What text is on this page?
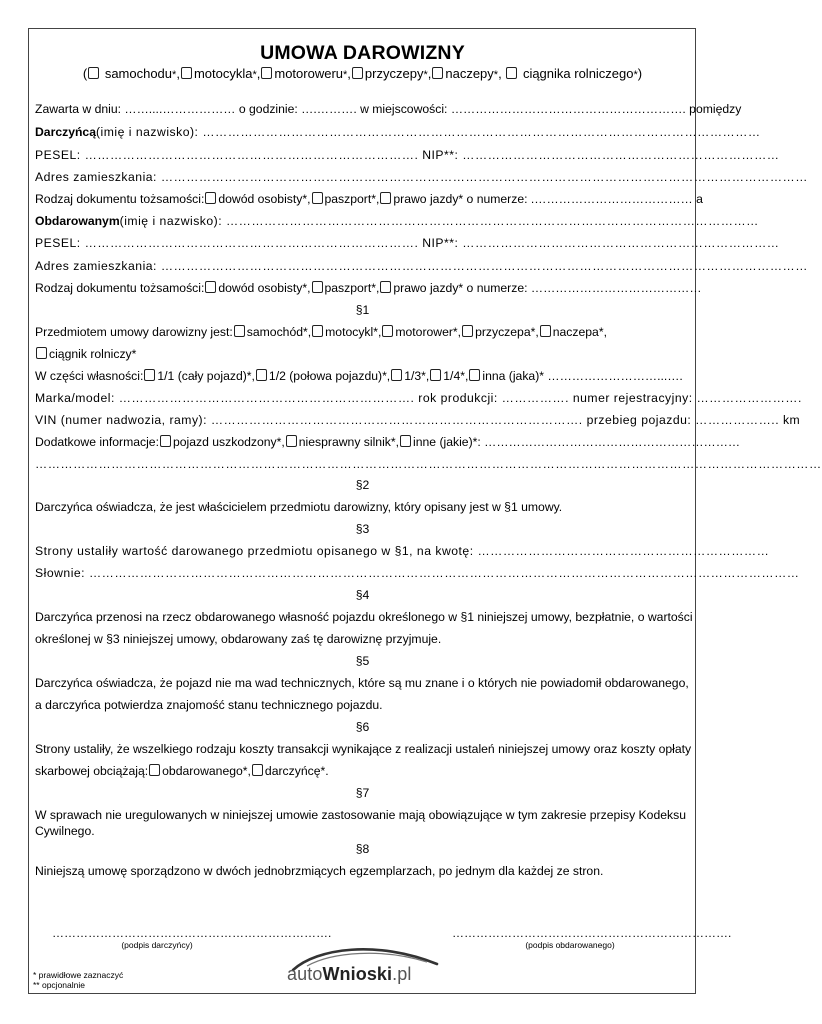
UMOWA DAROWIZNY
( samochodu*, motocykla*, motoroweru*, przyczepy*, naczepy*, ciągnika rolniczego*)
Zawarta w dniu: ……....……………… o godzinie: ….………. w miejscowości: …………………………………………………. pomiędzy
Darczyńcą(imię i nazwisko): ……………………………………………………………………………………………………………………
PESEL: ……………………………………………………………………. NIP**: …………………………………………………………………
Adres zamieszkania: ………………………………………………………………………………………………………………………………………
Rodzaj dokumentu tożsamości: dowód osobisty*, paszport*, prawo jazdy* o numerze: .………………………………… a
Obdarowanym(imię i nazwisko): ………………………………………………………………………………………………………………
PESEL: ……………………………………………………………………. NIP**: …………………………………………………………………
Adres zamieszkania: ………………………………………………………………………………………………………………………………………
Rodzaj dokumentu tożsamości: dowód osobisty*, paszport*, prawo jazdy* o numerze: ……………………………………
§1
Przedmiotem umowy darowizny jest: samochód*, motocykl*, motorower*, przyczepa*, naczepa*,
ciągnik rolniczy*
W części własności: 1/1 (cały pojazd)*, 1/2 (połowa pojazdu)*, 1/3*, 1/4*, inna (jaka)* ………………………...….
Marka/model: ……………………………………………………………. rok produkcji: ……………. numer rejestracyjny: …………………….
VIN (numer nadwozia, ramy): ……………………………………………………………………………. przebieg pojazdu: ……………….. km
Dodatkowe informacje: pojazd uszkodzony*, niesprawny silnik*, inne (jakie)*: ………………………………………………………
……………………………………………………………………………………………………………………………………………………………………
§2
Darczyńca oświadcza, że jest właścicielem przedmiotu darowizny, który opisany jest w §1 umowy.
§3
Strony ustaliły wartość darowanego przedmiotu opisanego w §1, na kwotę: ……………………………………………………………
Słownie: ……………………………………………………………………………………………………………………………………………………
§4
Darczyńca przenosi na rzecz obdarowanego własność pojazdu określonego w §1 niniejszej umowy, bezpłatnie, o wartości
określonej w §3 niniejszej umowy, obdarowany zaś tę darowiznę przyjmuje.
§5
Darczyńca oświadcza, że pojazd nie ma wad technicznych, które są mu znane i o których nie powiadomił obdarowanego,
a darczyńca potwierdza znajomość stanu technicznego pojazdu.
§6
Strony ustaliły, że wszelkiego rodzaju koszty transakcji wynikające z realizacji ustaleń niniejszej umowy oraz koszty opłaty
skarbowej obciążają: obdarowanego*, darczyńcę*.
§7
W sprawach nie uregulowanych w niniejszej umowie zastosowanie mają obowiązujące w tym zakresie przepisy Kodeksu
Cywilnego.
§8
Niniejszą umowę sporządzono w dwóch jednobrzmiących egzemplarzach, po jednym dla każdej ze stron.
…………………………………………………………….
(podpis darczyńcy)
…………………………………………………………….
(podpis obdarowanego)
* prawidłowe zaznaczyć
** opcjonalnie
autoWnioski.pl
